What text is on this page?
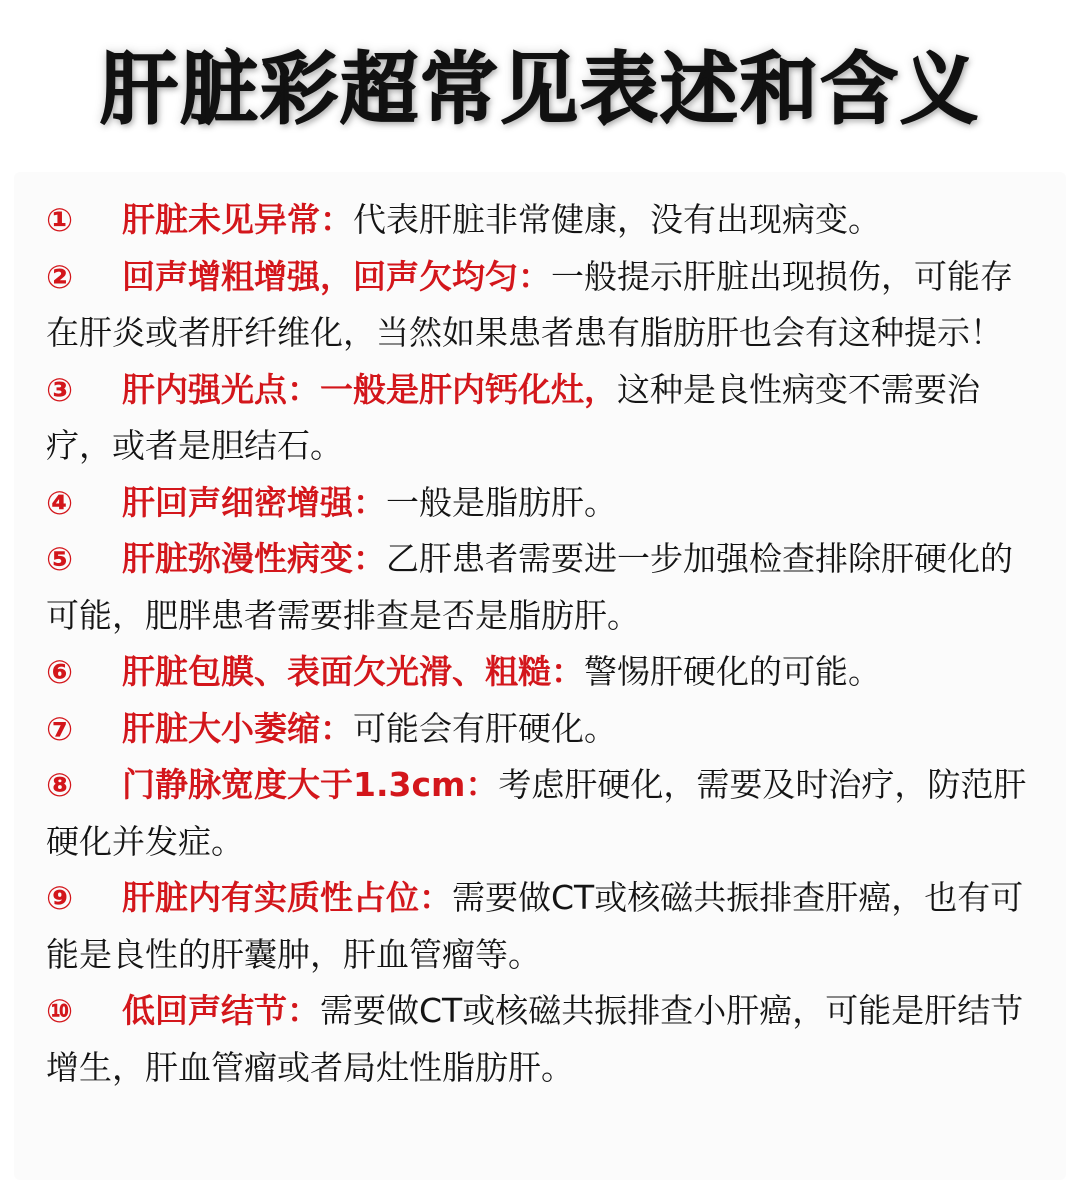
肝脏彩超常见表述和含义

① 肝脏未见异常：代表肝脏非常健康，没有出现病变。

② 回声增粗增强，回声欠均匀：一般提示肝脏出现损伤，可能存在肝炎或者肝纤维化，当然如果患者患有脂肪肝也会有这种提示！

③ 肝内强光点：一般是肝内钙化灶，这种是良性病变不需要治疗，或者是胆结石。

④ 肝回声细密增强：一般是脂肪肝。

⑤ 肝脏弥漫性病变：乙肝患者需要进一步加强检查排除肝硬化的可能，肥胖患者需要排查是否是脂肪肝。

⑥ 肝脏包膜、表面欠光滑、粗糙：警惕肝硬化的可能。

⑦ 肝脏大小萎缩：可能会有肝硬化。

⑧ 门静脉宽度大于1.3cm：考虑肝硬化，需要及时治疗，防范肝硬化并发症。

⑨ 肝脏内有实质性占位：需要做CT或核磁共振排查肝癌，也有可能是良性的肝囊肿，肝血管瘤等。

⑩ 低回声结节：需要做CT或核磁共振排查小肝癌，可能是肝结节增生，肝血管瘤或者局灶性脂肪肝。
